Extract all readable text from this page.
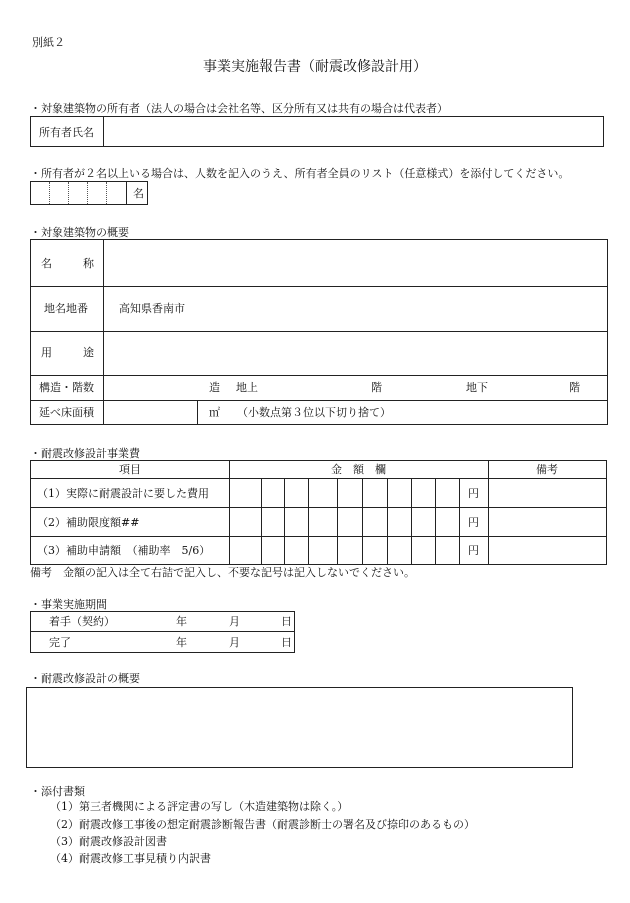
別紙２
事業実施報告書（耐震改修設計用）
・対象建築物の所有者（法人の場合は会社名等、区分所有又は共有の場合は代表者）
所有者氏名
・所有者が２名以上いる場合は、人数を記入のうえ、所有者全員のリスト（任意様式）を添付してください。
名
・対象建築物の概要
名	称
地名地番	高知県香南市
用	途
構造・階数	造 地上	階	地下	階
延べ床面積	㎡ （小数点第３位以下切り捨て）
・耐震改修設計事業費
項目	金　額　欄	備考
（1）実際に耐震設計に要した費用	円
（2）補助限度額##	円
（3）補助申請額　（補助率　5/6）	円
備考　金額の記入は全て右詰で記入し、不要な記号は記入しないでください。
・事業実施期間
着手（契約）	年	月	日
完了	年	月	日
・耐震改修設計の概要
・添付書類
（1）第三者機関による評定書の写し（木造建築物は除く。）
（2）耐震改修工事後の想定耐震診断報告書（耐震診断士の署名及び捺印のあるもの）
（3）耐震改修設計図書
（4）耐震改修工事見積り内訳書
